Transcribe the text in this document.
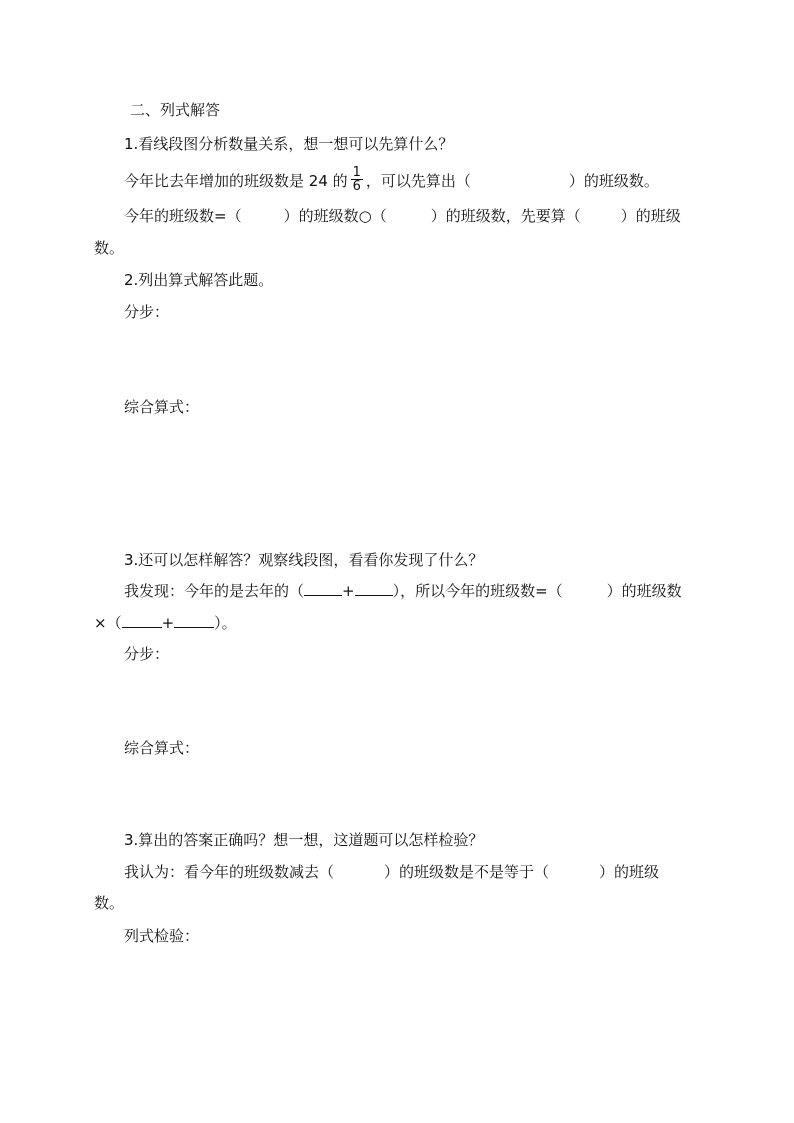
二、列式解答
1.看线段图分析数量关系，想一想可以先算什么？
今年比去年增加的班级数是 24 的 $\frac{1}{6}$ ，可以先算出（	）的班级数。
今年的班级数=（	）的班级数○（	）的班级数，先要算（	）的班级
数。
2.列出算式解答此题。
分步：
综合算式：
3.还可以怎样解答？观察线段图，看看你发现了什么？
我发现：今年的是去年的（	+	），所以今年的班级数=（	）的班级数
×（	+	）。
分步：
综合算式：
3.算出的答案正确吗？想一想，这道题可以怎样检验？
我认为：看今年的班级数减去（	）的班级数是不是等于（	）的班级
数。
列式检验：
